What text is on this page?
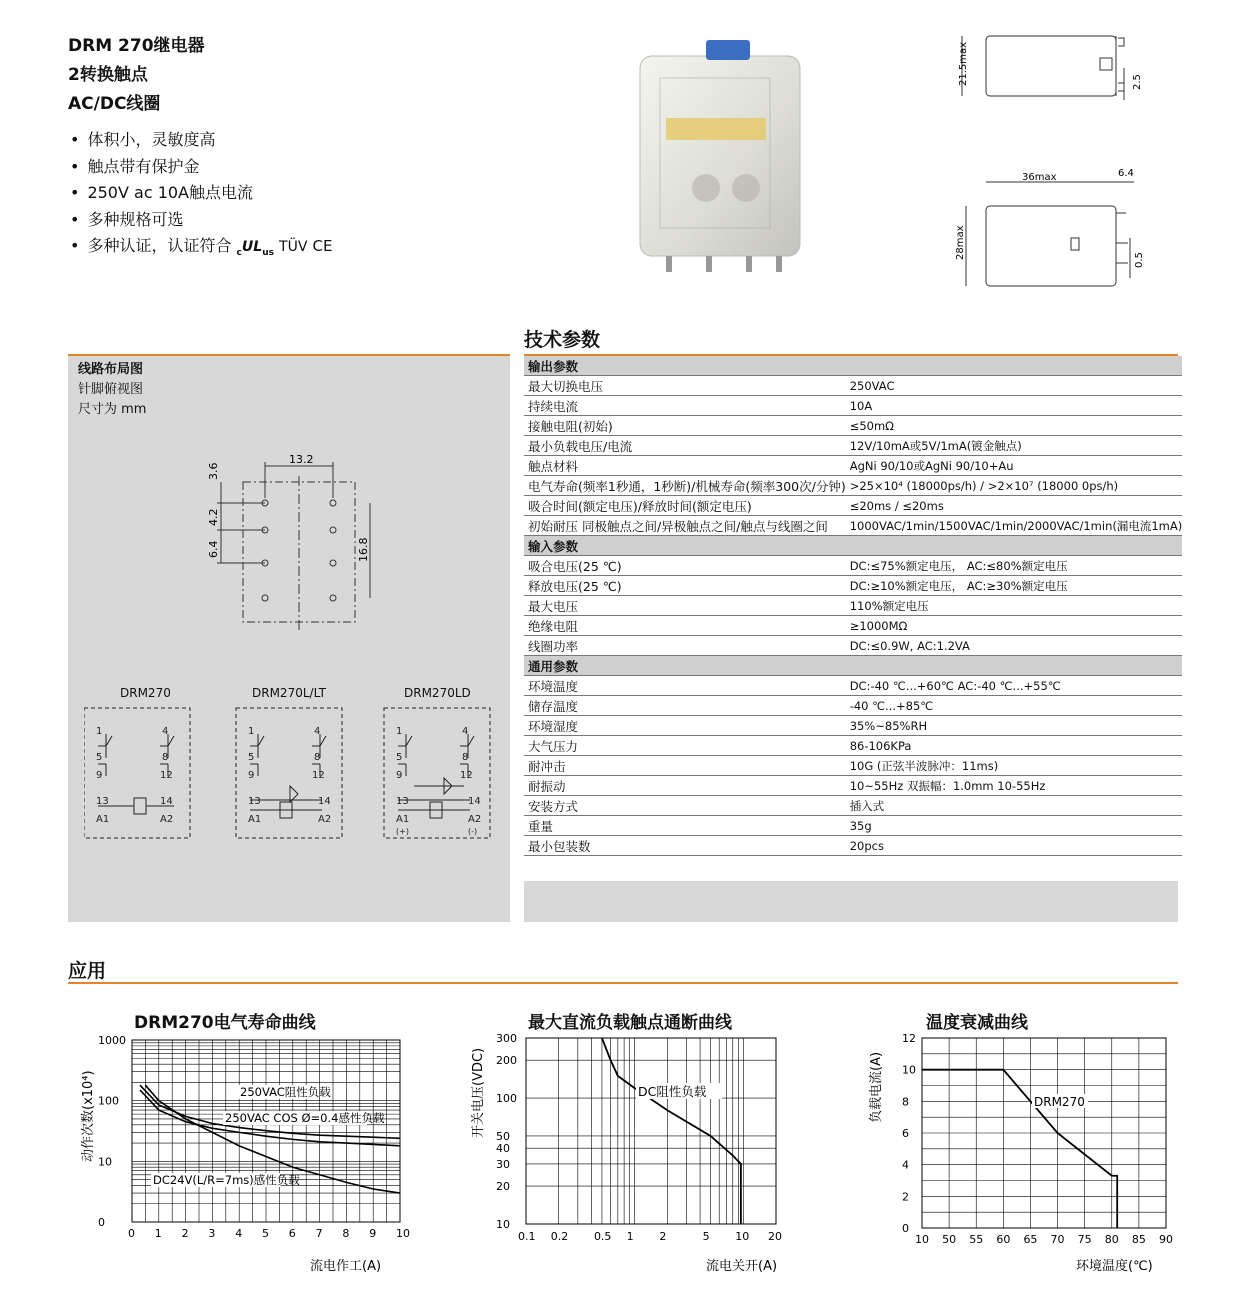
DRM 270继电器
2转换触点
AC/DC线圈
• 体积小，灵敏度高
• 触点带有保护金
• 250V ac 10A触点电流
• 多种规格可选
• 多种认证，认证符合 $_cUL_{us}$ TÜV CE
21.5max	2.5
36max	6.4
28max
0.5
线路布局图
针脚俯视图
尺寸为 mm
13.2
3.6
4.2
6.4	16.8
DRM270	DRM270L/LT	DRM270LD
1	4
5	8
9	12
13	14
A1	A2
1	4
5	8
9	12
13	14
A1	A2
1	4
5	8
9	12
13	14
A1	A2
(+)	(-)
技术参数
输出参数	
最大切换电压	250VAC
持续电流	10A
接触电阻(初始)	≤50mΩ
最小负载电压/电流	12V/10mA或5V/1mA(镀金触点)
触点材料	AgNi 90/10或AgNi 90/10+Au
电气寿命(频率1秒通，1秒断)/机械寿命(频率300次/分钟)	>25×10⁴ (18000ps/h) / >2×10⁷ (18000 0ps/h)
吸合时间(额定电压)/释放时间(额定电压)	≤20ms / ≤20ms
初始耐压 同极触点之间/异极触点之间/触点与线圈之间	1000VAC/1min/1500VAC/1min/2000VAC/1min(漏电流1mA)
输入参数	
吸合电压(25 ℃)	DC:≤75%额定电压， AC:≤80%额定电压
释放电压(25 ℃)	DC:≥10%额定电压， AC:≥30%额定电压
最大电压	110%额定电压
绝缘电阻	≥1000MΩ
线圈功率	DC:≤0.9W, AC:1.2VA
通用参数	
环境温度	DC:-40 ℃...+60℃ AC:-40 ℃...+55℃
储存温度	-40 ℃...+85℃
环境湿度	35%~85%RH
大气压力	86-106KPa
耐冲击	10G (正弦半波脉冲：11ms)
耐振动	10~55Hz 双振幅：1.0mm 10-55Hz
安装方式	插入式
重量	35g
最小包装数	20pcs
应用
DRM270电气寿命曲线	最大直流负载触点通断曲线	温度衰减曲线
0 1 2 3 4 5 6 7 8 9 10
1000
100
10
0
动作次数(x10⁴)
流电作工(A)
250VAC阻性负载
250VAC COS Ø=0.4感性负载
DC24V(L/R=7ms)感性负载
0.1 0.2 0.5 1 2	5 10 20
300
200
100
50
40
30
20
10
开关电压(VDC)
流电关开(A)
DC阻性负载
10 50 55 60 65 70 75 80 85 90
12
10
8
6
4
2
0
负载电流(A)
环境温度(℃)
DRM270
